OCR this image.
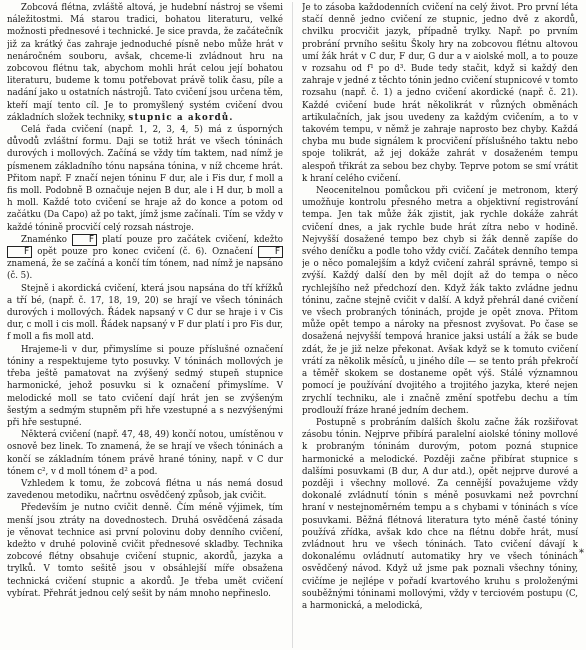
Zobcová flétna, zvláště altová, je hudební nástroj se všemi náležitostmi. Má starou tradici, bohatou literaturu, velké možnosti přednesové i technické. Je sice pravda, že začátečník již za krátký čas zahraje jednoduché písně nebo může hrát v nenáročném souboru, avšak, chceme-li zvládnout hru na zobcovou flétnu tak, abychom mohli hrát celou její bohatou literaturu, budeme k tomu potřebovat právě tolik času, píle a nadání jako u ostatních nástrojů. Tato cvičení jsou určena těm, kteří mají tento cíl. Je to promyšlený systém cvičení dvou základních složek techniky, stupnic a akordů.

Celá řada cvičení (např. 1, 2, 3, 4, 5) má z úsporných důvodů zvláštní formu. Daji se totiž hrát ve všech tóninách durových i mollových. Začíná se vždy tím taktem, nad nímž je písmenem základního tónu napsána tónina, v níž chceme hrát. Přitom např. F značí nejen tóninu F dur, ale i Fis dur, f moll a fis moll. Podobně B označuje nejen B dur, ale i H dur, b moll a h moll. Každé toto cvičení se hraje až do konce a potom od začátku (Da Capo) až po takt, jímž jsme začínali. Tím se vždy v každé tónině procvičí celý rozsah nástroje.

Znaménko F platí pouze pro začátek cvičení, kdežto F opět pouze pro konec cvičení (č. 6). Označení F znamená, že se začíná a končí tím tónem, nad nímž je napsáno (č. 5).

Stejně i akordická cvičení, která jsou napsána do tří křížků a tří bé, (např. č. 17, 18, 19, 20) se hrají ve všech tóninách durových i mollových. Řádek napsaný v C dur se hraje i v Cis dur, c moll i cis moll. Řádek napsaný v F dur platí i pro Fis dur, f moll a fis moll atd.

Hrajeme-li v dur, přimyslíme si pouze příslušné označení tóniny a respektujeme tyto posuvky. V tóninách mollových je třeba ještě pamatovat na zvýšený sedmý stupeň stupnice harmonické, jehož posuvku si k označení přimyslíme. V melodické moll se tato cvičení dají hrát jen se zvýšeným šestým a sedmým stupněm při hře vzestupné a s nezvýšenými při hře sestupné.

Některá cvičení (např. 47, 48, 49) končí notou, umístěnou v osnově bez linek. To znamená, že se hrají ve všech tóninách a končí se základním tónem právě hrané tóniny, např. v C dur tónem c², v d moll tónem d² a pod.

Vzhledem k tomu, že zobcová flétna u nás nemá dosud zavedenou metodiku, načrtnu osvědčený způsob, jak cvičit.

Především je nutno cvičit denně. Čím méně výjimek, tím menší jsou ztráty na dovednostech. Druhá osvědčená zásada je věnovat technice asi první polovinu doby denního cvičení, kdežto v druhé polovině cvičit přednesové skladby. Technika zobcové flétny obsahuje cvičení stupnic, akordů, jazyka a trylků. V tomto sešitě jsou v obsáhlejší míře obsažena technická cvičení stupnic a akordů. Je třeba umět cvičení vybírat. Přehrát jednou celý sešit by nám mnoho nepřineslo.

Je to zásoba každodenních cvičení na celý život. Pro první léta stačí denně jedno cvičení ze stupnic, jedno dvě z akordů, chvilku procvičit jazyk, případně trylky. Např. po prvním probrání prvního sešitu Školy hry na zobcovou flétnu altovou umí žák hrát v C dur, F dur, G dur a v aiolské moll, a to pouze v rozsahu od f¹ po d³. Bude tedy stačit, když si každý den zahraje v jedné z těchto tónin jedno cvičení stupnicové v tomto rozsahu (např. č. 1) a jedno cvičení akordické (např. č. 21). Každé cvičení bude hrát několikrát v různých obměnách artikulačních, jak jsou uvedeny za každým cvičením, a to v takovém tempu, v němž je zahraje naprosto bez chyby. Každá chyba mu bude signálem k procvičení příslušného taktu nebo spoje tolikrát, až jej dokáže zahrát v dosaženém tempu alespoň třikrát za sebou bez chyby. Teprve potom se smí vrátit k hraní celého cvičení.

Neocenitelnou pomůckou při cvičení je metronom, který umožňuje kontrolu přesného metra a objektivní registrování tempa. Jen tak může žák zjistit, jak rychle dokáže zahrát cvičení dnes, a jak rychle bude hrát zítra nebo v hodině. Nejvyšší dosažené tempo bez chyb si žák denně zapíše do svého deníčku a podle toho vždy cvičí. Začátek denního tempa je o něco pomalejším a když cvičení zahrál správně, tempo si zvýší. Každý další den by měl dojít až do tempa o něco rychlejšího než předchozí den. Když žák takto zvládne jednu tóninu, začne stejně cvičit v další. A když přehrál dané cvičení ve všech probraných tóninách, projde je opět znova. Přitom může opět tempo a nároky na přesnost zvyšovat. Po čase se dosažená nejvyšší tempová hranice jaksi ustálí a žák se bude zdát, že je již nelze překonat. Avšak když se k tomuto cvičení vrátí za několik měsíců, u jiného díle — se tento práh překročí a těměř skokem se dostaneme opět výš. Stálé významnou pomocí je používání dvojitého a trojitého jazyka, které nejen zrychlí techniku, ale i značně změní spotřebu dechu a tím prodlouží fráze hrané jedním dechem.

Postupně s probráním dalších školu začne žák rozšiřovat zásobu tónin. Nejprve přibírá paralelní aiolské tóniny mollové k probraným tóninám durovým, potom pozná stupnice harmonické a melodické. Později začne přibírat stupnice s dalšími posuvkami (B dur, A dur atd.), opět nejprve durové a později i všechny mollové. Za cennější považujeme vždy dokonalé zvládnutí tónin s méně posuvkami než povrchní hraní v nestejnoměrném tempu a s chybami v tóninách s více posuvkami. Běžná flétnová literatura tyto méně časté tóniny používá zřídka, avšak kdo chce na flétnu dobře hrát, musí zvládnout hru ve všech tóninách. Tato cvičení dávají k dokonalému ovládnutí automatiky hry ve všech tóninách osvědčený návod. Když už jsme pak poznali všechny tóniny, cvičíme je nejlépe v pořadí kvartového kruhu s proloženými souběžnými tóninami mollovými, vždy v terciovém postupu (C, a harmonická, a melodická,

*
